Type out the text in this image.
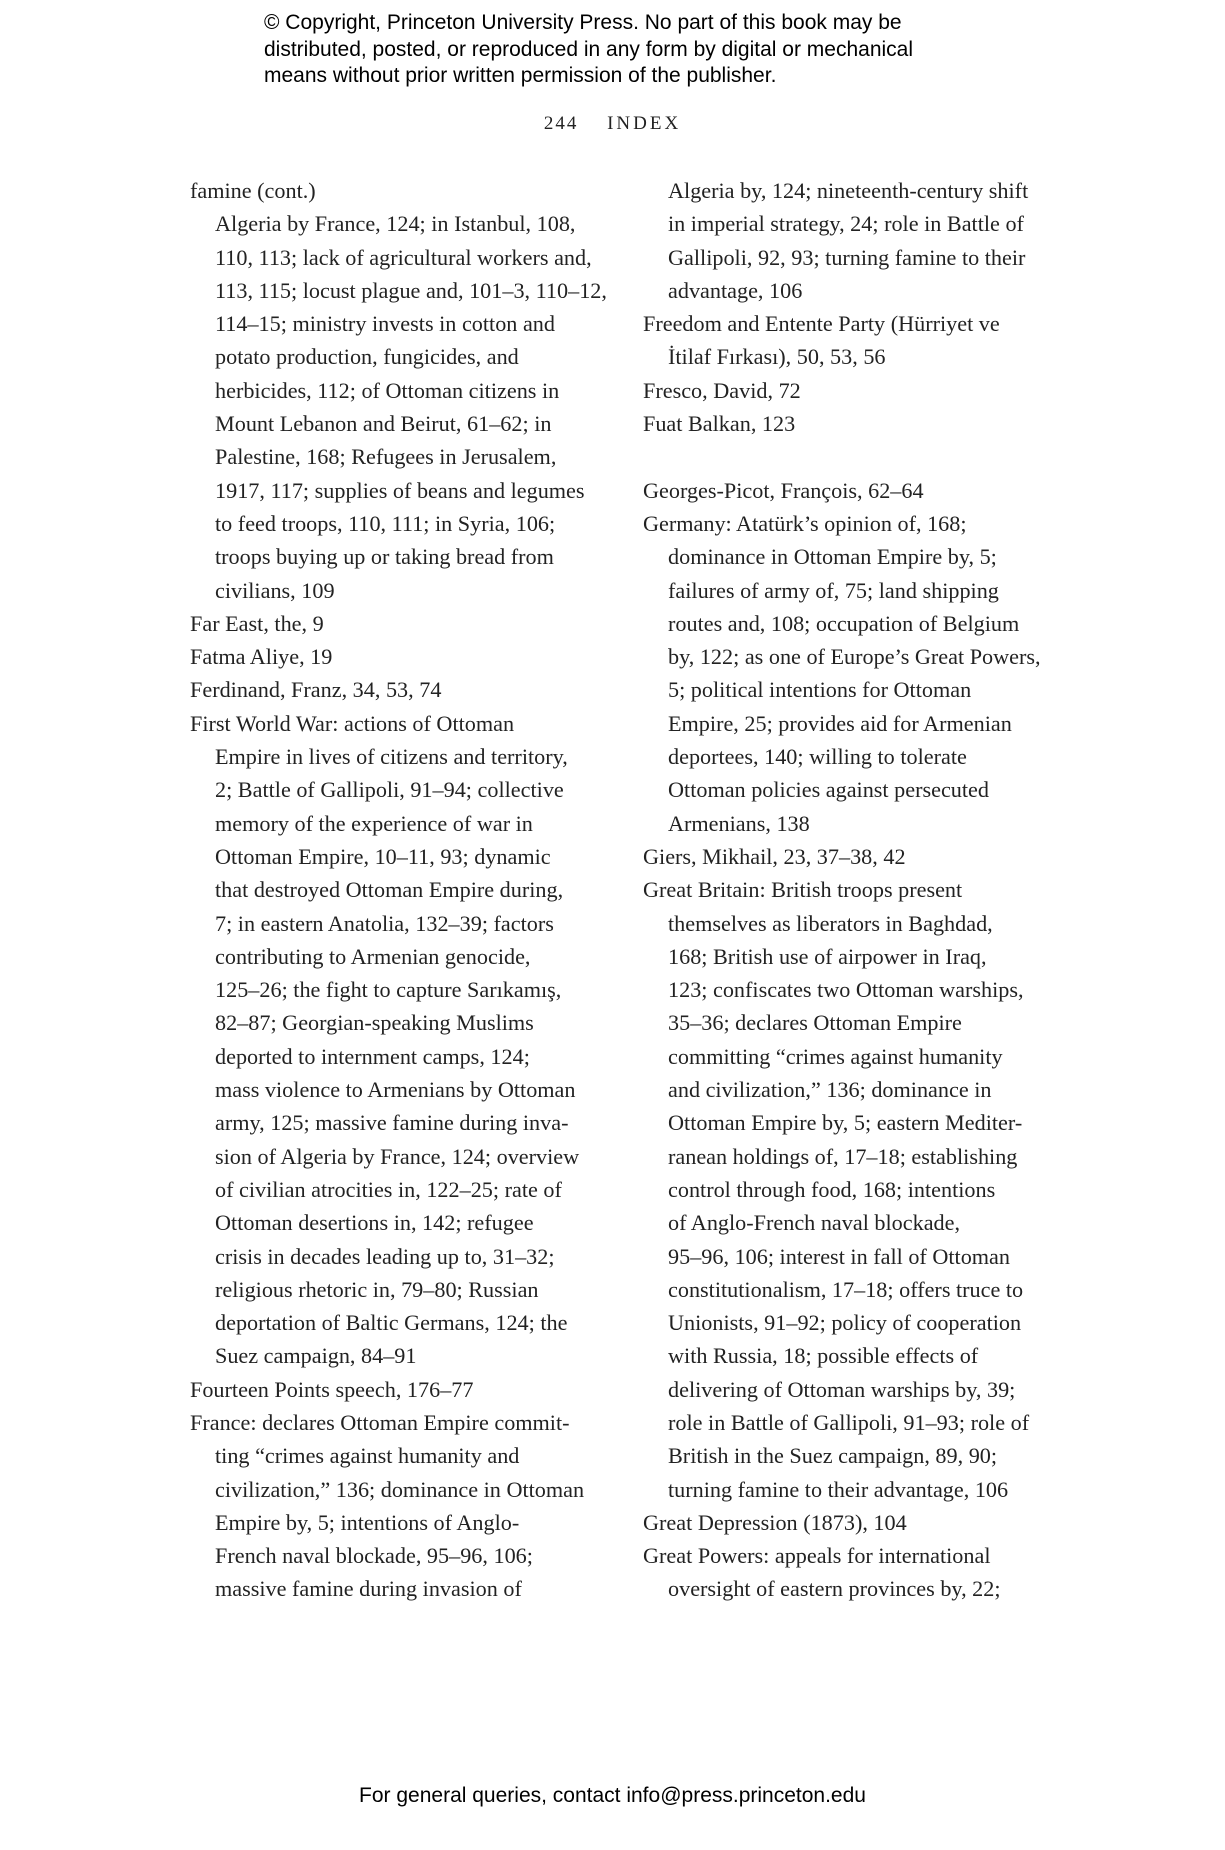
© Copyright, Princeton University Press. No part of this book may be
distributed, posted, or reproduced in any form by digital or mechanical
means without prior written permission of the publisher.
244 INDEX
famine (cont.)
Algeria by France, 124; in Istanbul, 108,
110, 113; lack of agricultural workers and,
113, 115; locust plague and, 101–3, 110–12,
114–15; ministry invests in cotton and
potato production, fungicides, and
herbicides, 112; of Ottoman citizens in
Mount Lebanon and Beirut, 61–62; in
Palestine, 168; Refugees in Jerusalem,
1917, 117; supplies of beans and legumes
to feed troops, 110, 111; in Syria, 106;
troops buying up or taking bread from
civilians, 109
Far East, the, 9
Fatma Aliye, 19
Ferdinand, Franz, 34, 53, 74
First World War: actions of Ottoman
Empire in lives of citizens and territory,
2; Battle of Gallipoli, 91–94; collective
memory of the experience of war in
Ottoman Empire, 10–11, 93; dynamic
that destroyed Ottoman Empire during,
7; in eastern Anatolia, 132–39; factors
contributing to Armenian genocide,
125–26; the fight to capture Sarıkamış,
82–87; Georgian-speaking Muslims
deported to internment camps, 124;
mass violence to Armenians by Ottoman
army, 125; massive famine during inva-
sion of Algeria by France, 124; overview
of civilian atrocities in, 122–25; rate of
Ottoman desertions in, 142; refugee
crisis in decades leading up to, 31–32;
religious rhetoric in, 79–80; Russian
deportation of Baltic Germans, 124; the
Suez campaign, 84–91
Fourteen Points speech, 176–77
France: declares Ottoman Empire commit-
ting “crimes against humanity and
civilization,” 136; dominance in Ottoman
Empire by, 5; intentions of Anglo-
French naval blockade, 95–96, 106;
massive famine during invasion of
Algeria by, 124; nineteenth-century shift
in imperial strategy, 24; role in Battle of
Gallipoli, 92, 93; turning famine to their
advantage, 106
Freedom and Entente Party (Hürriyet ve
İtilaf Fırkası), 50, 53, 56
Fresco, David, 72
Fuat Balkan, 123
Georges-Picot, François, 62–64
Germany: Atatürk’s opinion of, 168;
dominance in Ottoman Empire by, 5;
failures of army of, 75; land shipping
routes and, 108; occupation of Belgium
by, 122; as one of Europe’s Great Powers,
5; political intentions for Ottoman
Empire, 25; provides aid for Armenian
deportees, 140; willing to tolerate
Ottoman policies against persecuted
Armenians, 138
Giers, Mikhail, 23, 37–38, 42
Great Britain: British troops present
themselves as liberators in Baghdad,
168; British use of airpower in Iraq,
123; confiscates two Ottoman warships,
35–36; declares Ottoman Empire
committing “crimes against humanity
and civilization,” 136; dominance in
Ottoman Empire by, 5; eastern Mediter-
ranean holdings of, 17–18; establishing
control through food, 168; intentions
of Anglo-French naval blockade,
95–96, 106; interest in fall of Ottoman
constitutionalism, 17–18; offers truce to
Unionists, 91–92; policy of cooperation
with Russia, 18; possible effects of
delivering of Ottoman warships by, 39;
role in Battle of Gallipoli, 91–93; role of
British in the Suez campaign, 89, 90;
turning famine to their advantage, 106
Great Depression (1873), 104
Great Powers: appeals for international
oversight of eastern provinces by, 22;
For general queries, contact info@press.princeton.edu
